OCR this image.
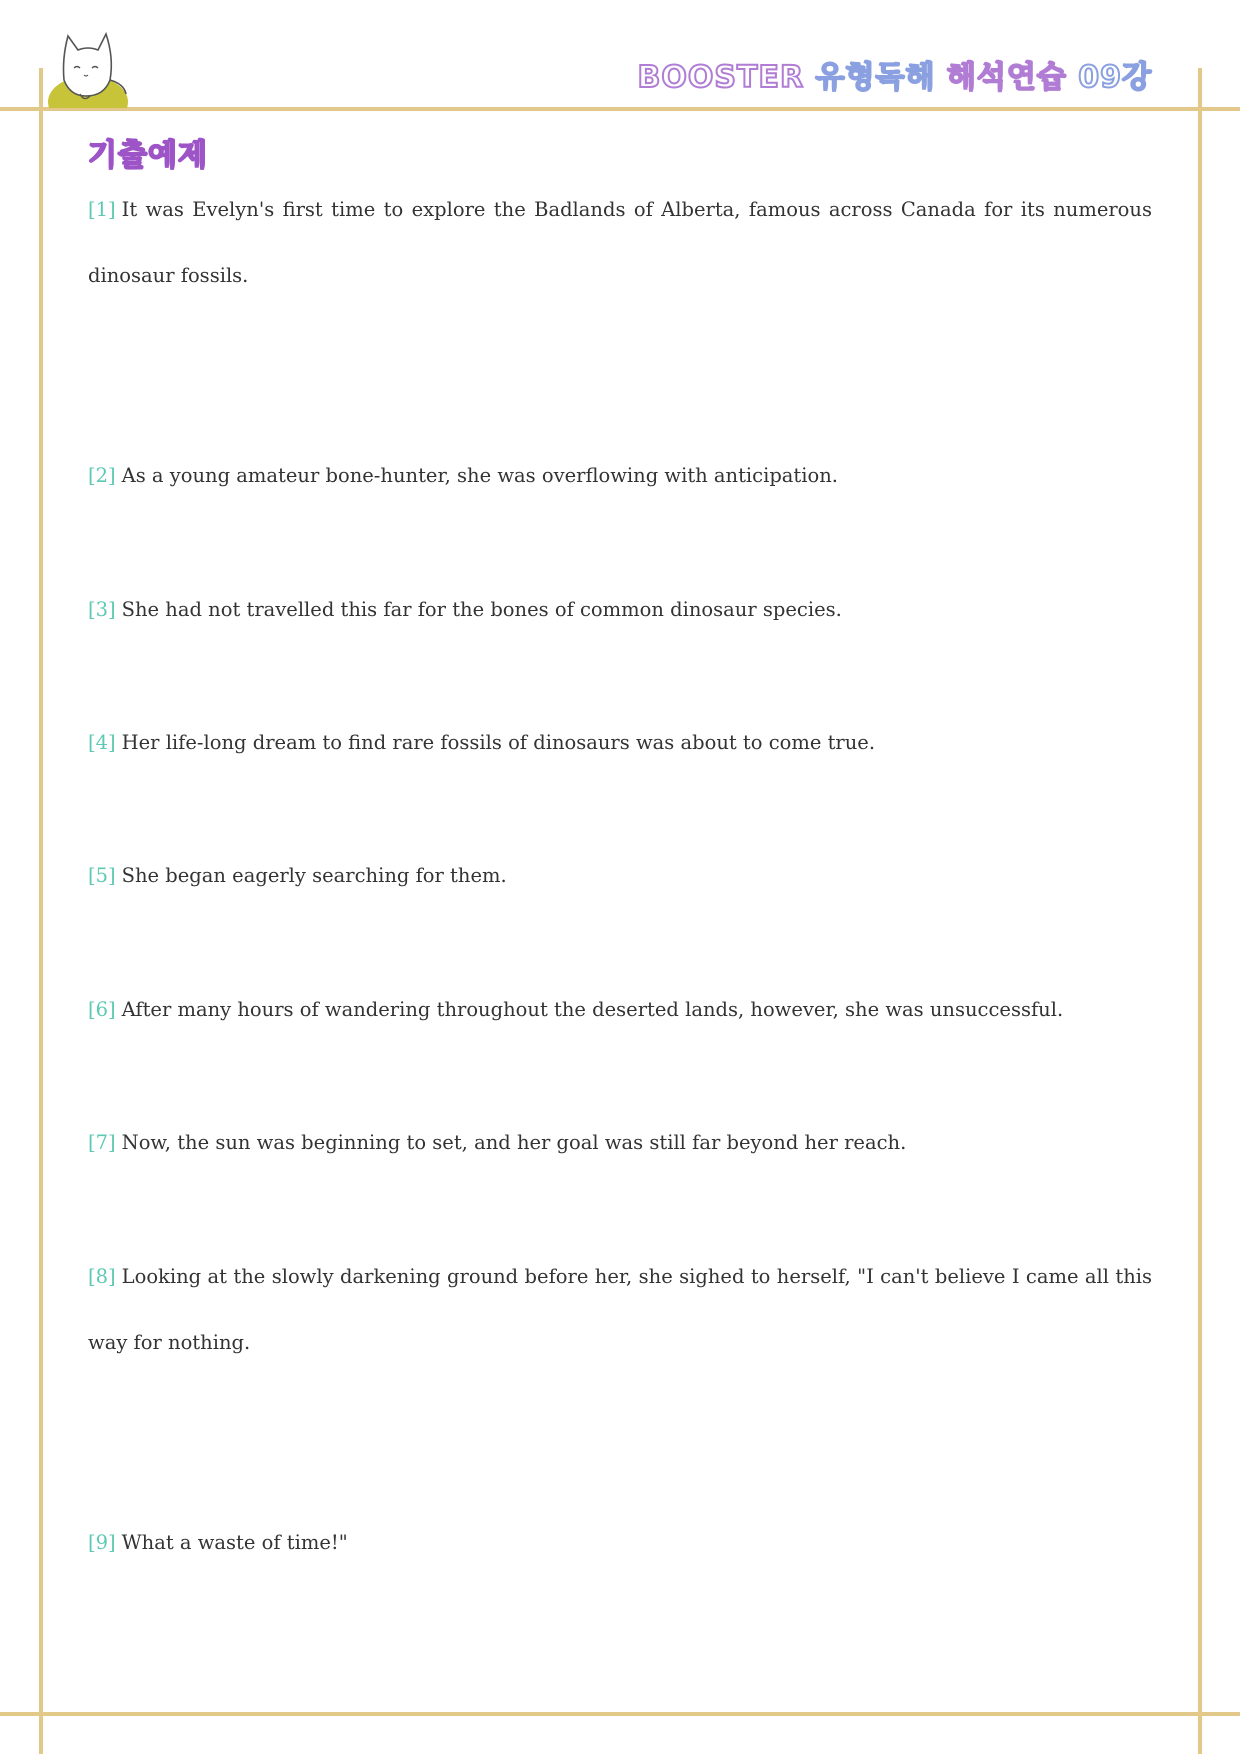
BOOSTER 유형독해 해석연습 09강
기출예제
[1] It was Evelyn's first time to explore the Badlands of Alberta, famous across Canada for its numerous dinosaur fossils.
[2] As a young amateur bone-hunter, she was overflowing with anticipation.
[3] She had not travelled this far for the bones of common dinosaur species.
[4] Her life-long dream to find rare fossils of dinosaurs was about to come true.
[5] She began eagerly searching for them.
[6] After many hours of wandering throughout the deserted lands, however, she was unsuccessful.
[7] Now, the sun was beginning to set, and her goal was still far beyond her reach.
[8] Looking at the slowly darkening ground before her, she sighed to herself, "I can't believe I came all this way for nothing.
[9] What a waste of time!"
